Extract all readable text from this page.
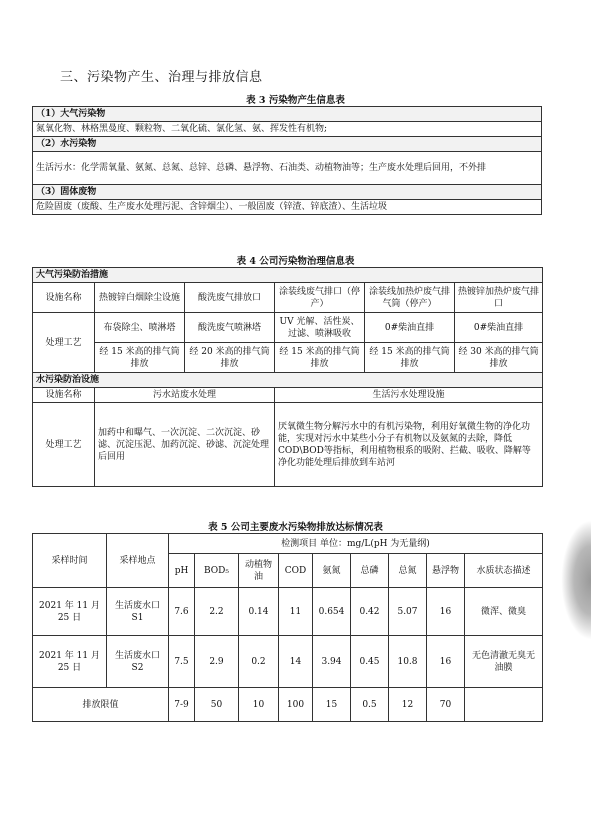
三、污染物产生、治理与排放信息
表 3 污染物产生信息表
（1）大气污染物
氮氧化物、林格黑曼度、颗粒物、二氧化硫、氯化氢、氨、挥发性有机物;
（2）水污染物
生活污水：化学需氧量、氨氮、总氮、总锌、总磷、悬浮物、石油类、动植物油等；生产废水处理后回用，不外排
（3）固体废物
危险固废（废酸、生产废水处理污泥、含锌烟尘）、一般固废（锌渣、锌底渣）、生活垃圾
表 4 公司污染物治理信息表
大气污染防治措施					
设施名称	热镀锌白烟除尘设施	酸洗废气排放口	涂装线废气排口（停产）	涂装线加热炉废气排气筒（停产）	热镀锌加热炉废气排口
处理工艺	布袋除尘、喷淋塔	酸洗废气喷淋塔	UV 光解、活性炭、过滤、喷淋吸收	0#柴油直排	0#柴油直排
	经 15 米高的排气筒排放	经 20 米高的排气筒排放	经 15 米高的排气筒排放	经 15 米高的排气筒排放	经 30 米高的排气筒排放
水污染防治设施					
设施名称	污水站废水处理		生活污水处理设施		
处理工艺	加药中和曝气、一次沉淀、二次沉淀、砂滤、沉淀压泥、加药沉淀、砂滤、沉淀处理后回用		厌氧微生物分解污水中的有机污染物，利用好氧微生物的净化功能，实现对污水中某些小分子有机物以及氨氮的去除，降低COD\BOD等指标，利用植物根系的吸附、拦截、吸收、降解等净化功能处理后排放到车站河		
表 5 公司主要废水污染物排放达标情况表
采样时间	采样地点	检测项目 单位：mg/L(pH 为无量纲)								
		pH	BOD₅	动植物油	COD	氨氮	总磷	总氮	悬浮物	水质状态描述
2021 年 11 月 25 日	生活废水口 S1	7.6	2.2	0.14	11	0.654	0.42	5.07	16	微浑、微臭
2021 年 11 月 25 日	生活废水口 S2	7.5	2.9	0.2	14	3.94	0.45	10.8	16	无色清澈无臭无油膜
排放限值		7-9	50	10	100	15	0.5	12	70	
